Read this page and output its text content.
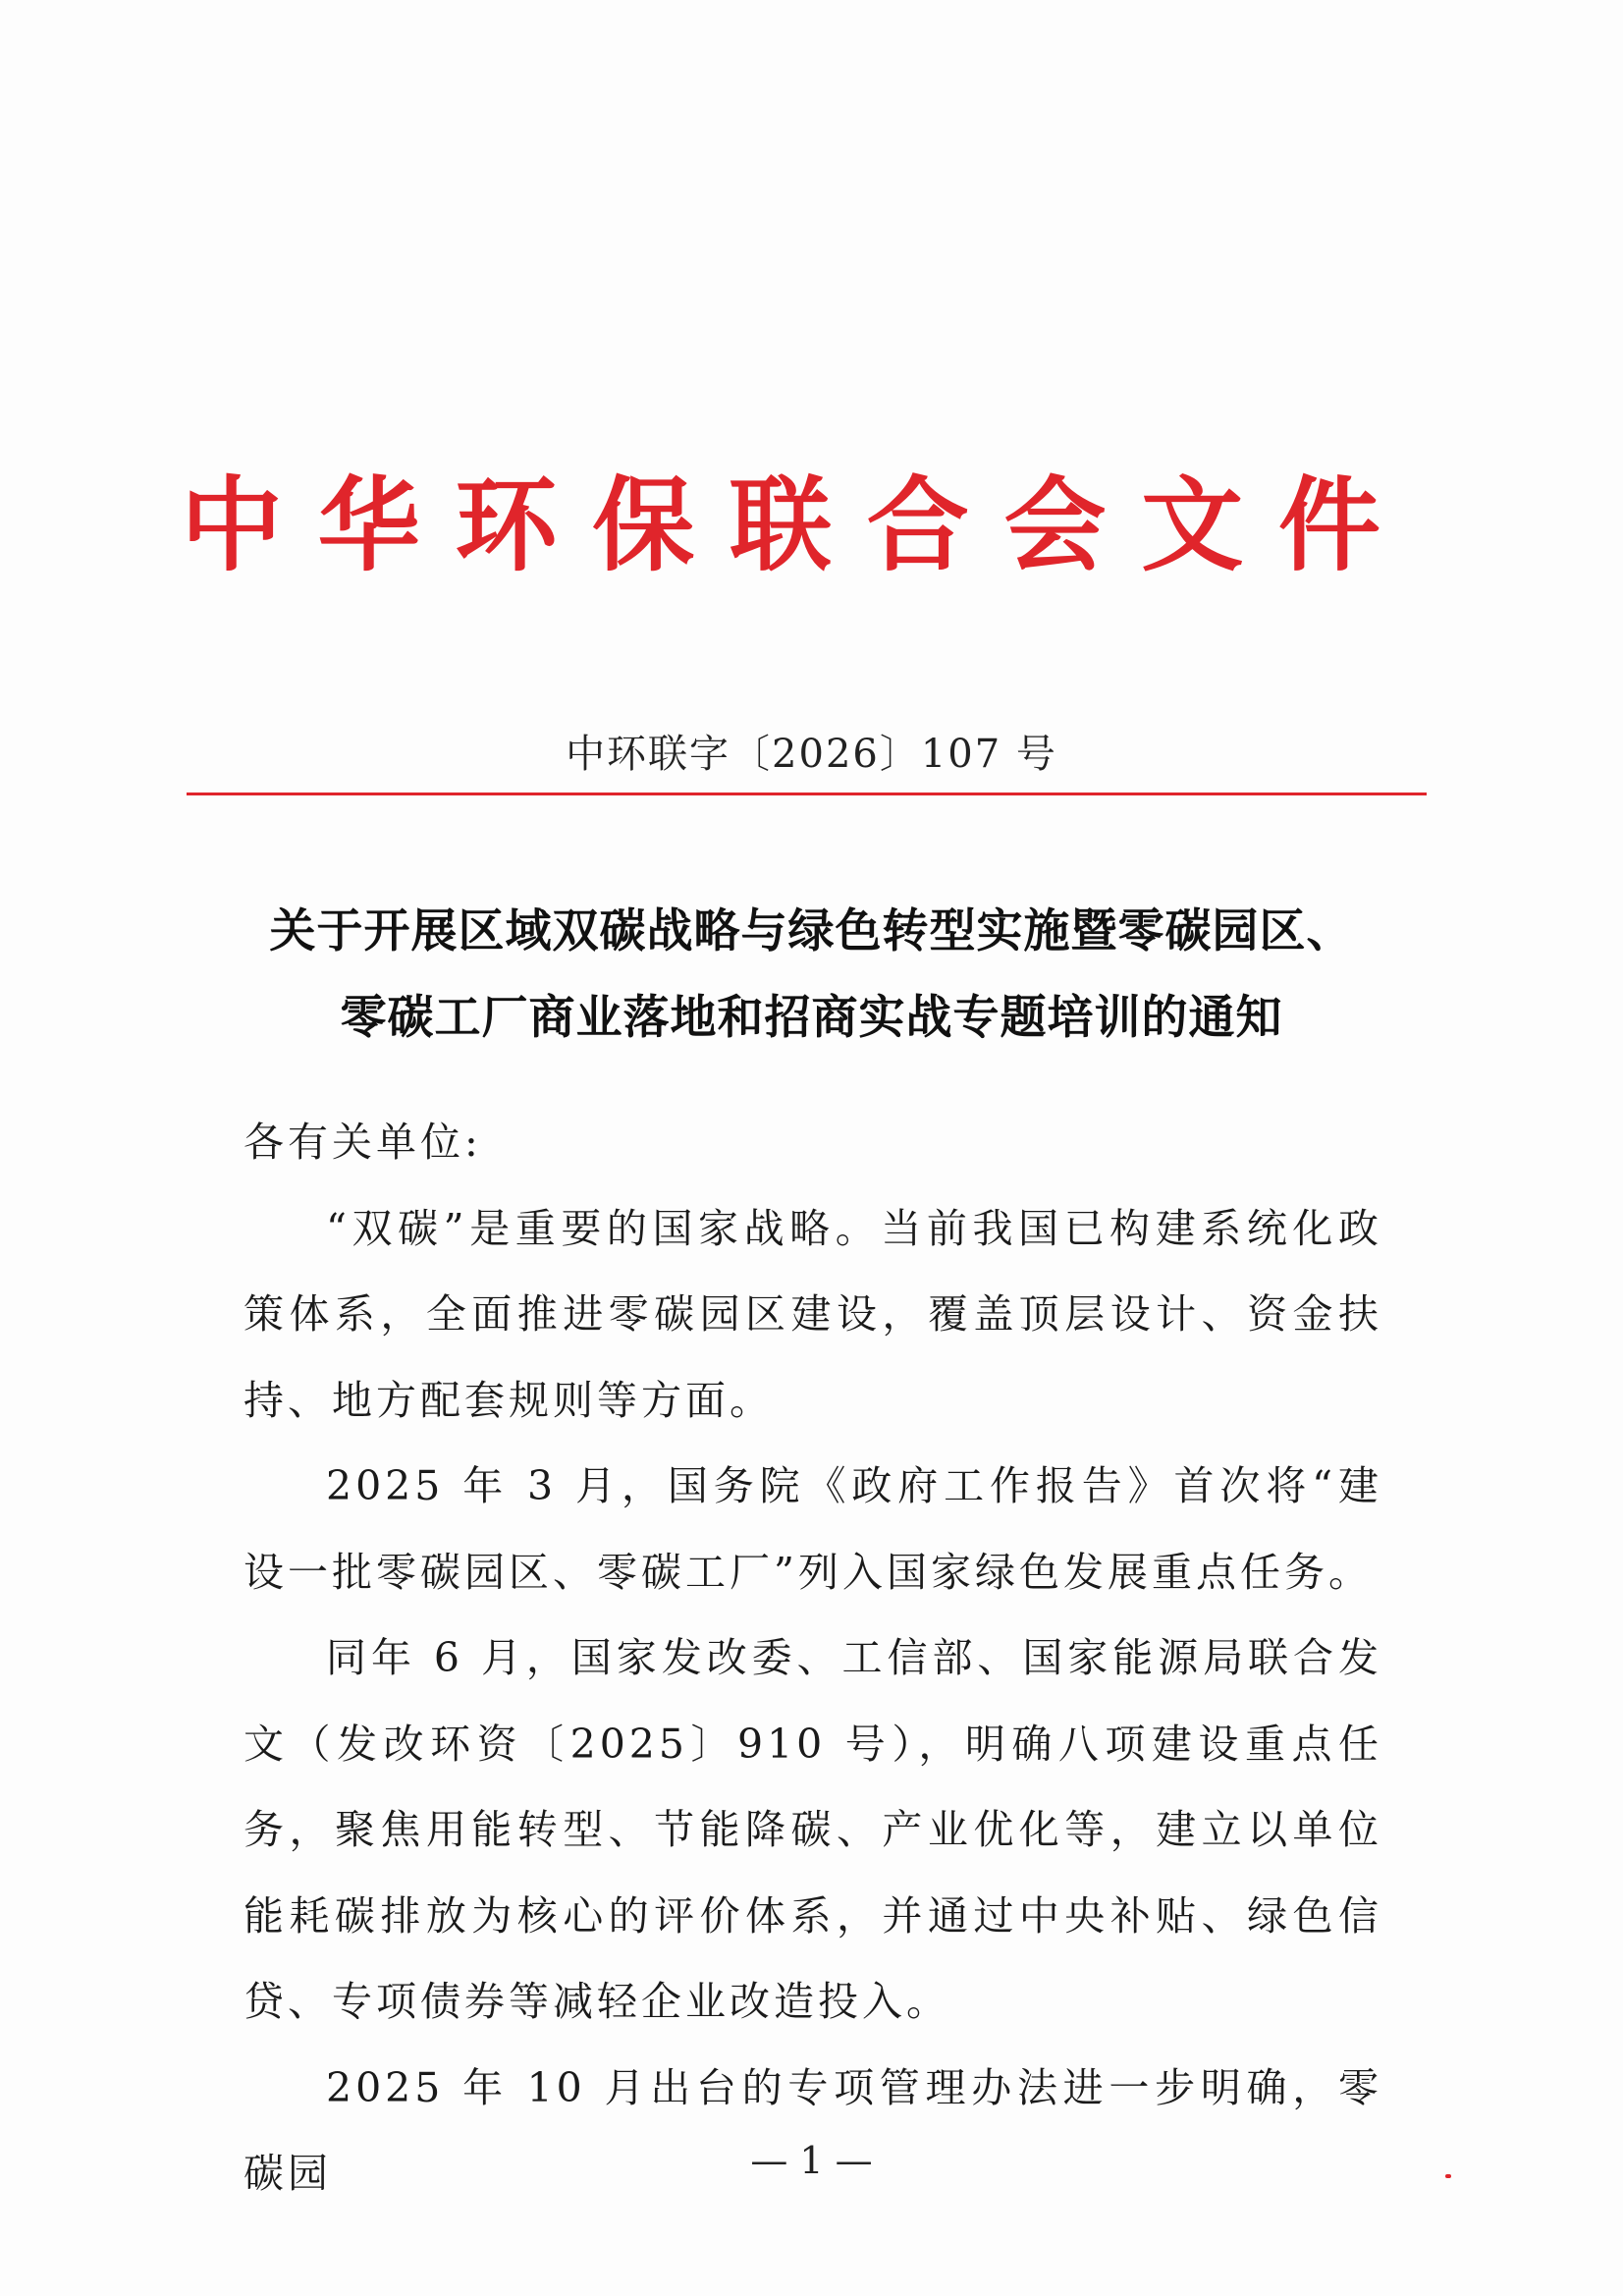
中 华 环 保 联 合 会 文 件
中环联字〔2026〕107 号
关于开展区域双碳战略与绿色转型实施暨零碳园区、
零碳工厂商业落地和招商实战专题培训的通知

各有关单位:

“双碳”是重要的国家战略。当前我国已构建系统化政策体系，全面推进零碳园区建设，覆盖顶层设计、资金扶持、地方配套规则等方面。

2025 年 3 月，国务院《政府工作报告》首次将“建设一批零碳园区、零碳工厂”列入国家绿色发展重点任务。

同年 6 月，国家发改委、工信部、国家能源局联合发文（发改环资〔2025〕910 号），明确八项建设重点任务，聚焦用能转型、节能降碳、产业优化等，建立以单位能耗碳排放为核心的评价体系，并通过中央补贴、绿色信贷、专项债券等减轻企业改造投入。

2025 年 10 月出台的专项管理办法进一步明确，零碳园	— 1 —
